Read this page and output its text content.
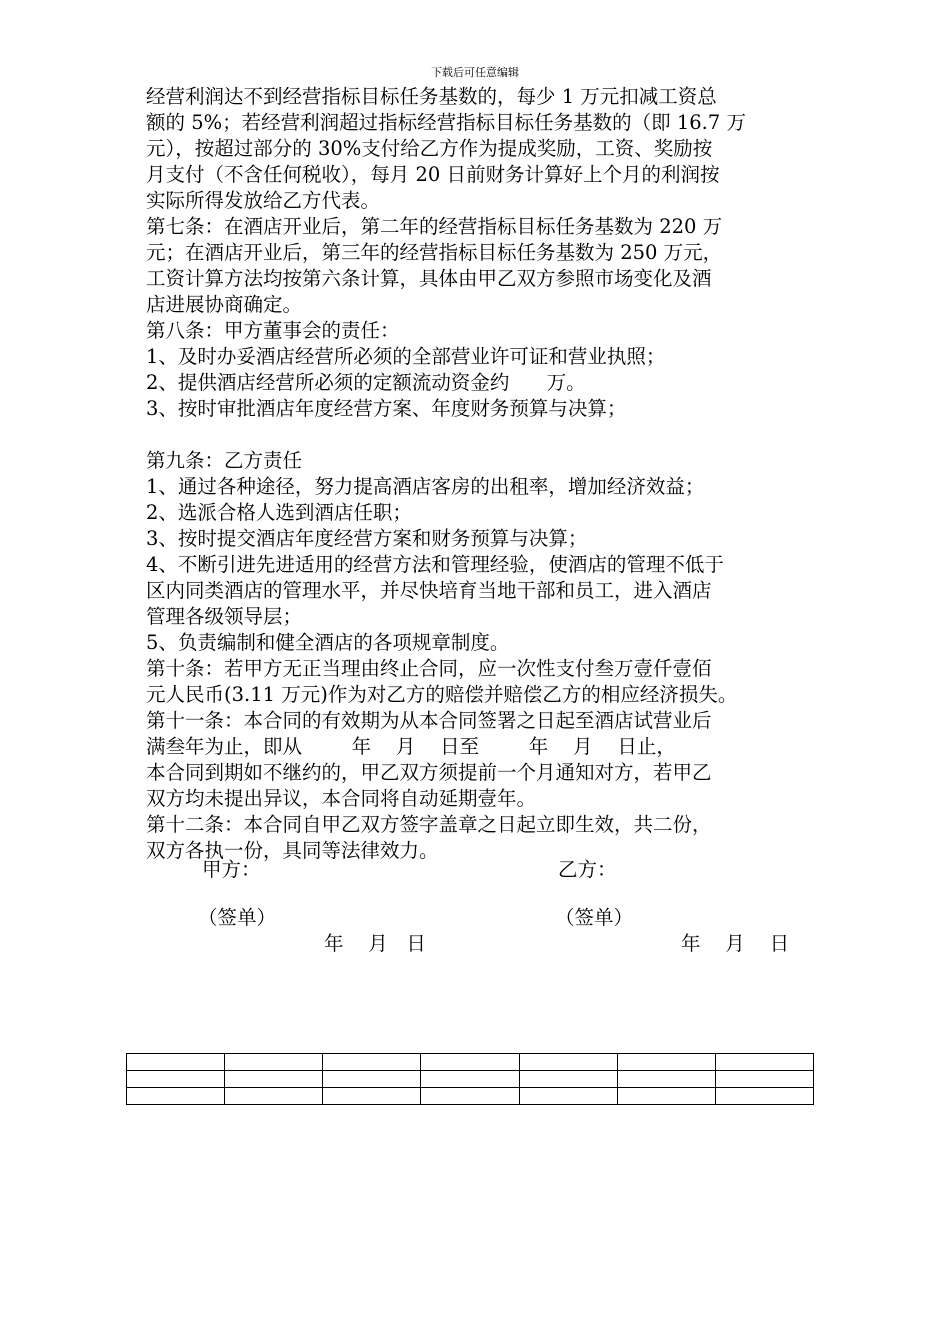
下载后可任意编辑
经营利润达不到经营指标目标任务基数的，每少 1 万元扣减工资总
额的 5%；若经营利润超过指标经营指标目标任务基数的（即 16.7 万
元），按超过部分的 30%支付给乙方作为提成奖励，工资、奖励按
月支付（不含任何税收），每月 20 日前财务计算好上个月的利润按
实际所得发放给乙方代表。
第七条：在酒店开业后，第二年的经营指标目标任务基数为 220 万
元；在酒店开业后，第三年的经营指标目标任务基数为 250 万元，
工资计算方法均按第六条计算，具体由甲乙双方参照市场变化及酒
店进展协商确定。
第八条：甲方董事会的责任：
1、及时办妥酒店经营所必须的全部营业许可证和营业执照；
2、提供酒店经营所必须的定额流动资金约      万。
3、按时审批酒店年度经营方案、年度财务预算与决算；
第九条：乙方责任
1、通过各种途径，努力提高酒店客房的出租率，增加经济效益；
2、选派合格人选到酒店任职；
3、按时提交酒店年度经营方案和财务预算与决算；
4、不断引进先进适用的经营方法和管理经验，使酒店的管理不低于
区内同类酒店的管理水平，并尽快培育当地干部和员工，进入酒店
管理各级领导层；
5、负责编制和健全酒店的各项规章制度。
第十条：若甲方无正当理由终止合同，应一次性支付叁万壹仟壹佰
元人民币(3.11 万元)作为对乙方的赔偿并赔偿乙方的相应经济损失。
第十一条：本合同的有效期为从本合同签署之日起至酒店试营业后
满叁年为止，即从        年    月    日至        年    月    日止，
本合同到期如不继约的，甲乙双方须提前一个月通知对方，若甲乙
双方均未提出异议，本合同将自动延期壹年。
第十二条：本合同自甲乙双方签字盖章之日起立即生效，共二份，
双方各执一份，具同等法律效力。
甲方：	乙方：
（签单）	（签单）
年    月   日	年    月    日
